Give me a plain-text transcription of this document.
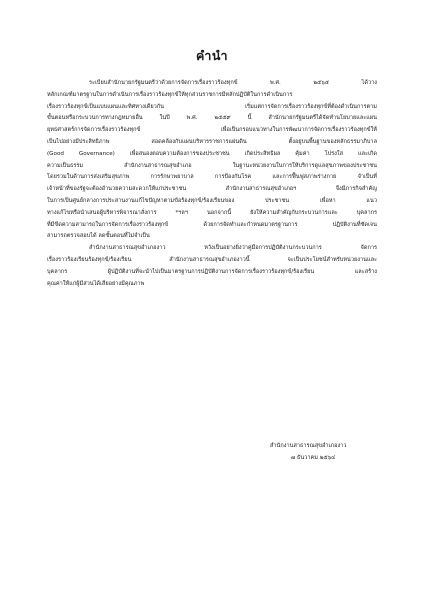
คำนำ
ระเบียบสำนักนายกรัฐมนตรีว่าด้วยการจัดการเรื่องราวร้องทุกข์ พ.ศ. ๒๕๖๕ ได้วาง
หลักเกณฑ์มาตรฐานในการดำเนินการเรื่องราวร้องทุกข์ให้ทุกส่วนราชการมีหลักปฏิบัติในการดำเนินการ
เรื่องราวร้องทุกข์เป็นแบบแผนและทิศทางเดียวกัน เริ่มแต่การจัดการเรื่องราวร้องทุกข์ที่ต้องดำเนินการตาม
ขั้นตอนหรือกระบวนการทางกฎหมายอื่น ในปี พ.ศ. ๒๕๕๙ นี้ สำนักนายกรัฐมนตรีได้จัดทำนโยบายและแผน
ยุทธศาสตร์การจัดการเรื่องราวร้องทุกข์ เพื่อเป็นกรอบแนวทางในการพัฒนาการจัดการเรื่องราวร้องทุกข์ให้
เป็นไปอย่างมีประสิทธิภาพ สอดคล้องกับแผนบริหารราชการแผ่นดิน ตั้งอยู่บนพื้นฐานของหลักธรรมาภิบาล
(Good Governance) เพื่อสนองตอบความต้องการของประชาชน เกิดประสิทธิผล คุ้มค่า โปร่งใส และเกิด
ความเป็นธรรม สำนักงานสาธารณสุขอำเภอ ในฐานะหน่วยงานในการให้บริการดูแลสุขภาพของประชาชน
โดยรวมในด้านการส่งเสริมสุขภาพ การรักษาพยาบาล การป้องกันโรค และการฟื้นฟูสภาพร่างกาย จำเป็นที่
เจ้าหน้าที่ของรัฐจะต้องอำนวยความสะดวกให้แก่ประชาชน สำนักงานสาธารณสุขอำเภอฯ จึงมีภารกิจสำคัญ
ในการเป็นศูนย์กลางการประสานงานแก้ไขปัญหาตามข้อร้องทุกข์/ร้องเรียนของ ประชาชน เพื่อหา แนว
ทางแก้ไขหรือนำเสนอผู้บริหารพิจารณาสั่งการ *ฯลฯ นอกจากนี้ ยังให้ความสำคัญกับกระบวนการและ บุคลากร
ที่มีขีดความสามารถในการจัดการเรื่องราวร้องทุกข์ ด้วยการจัดทำและกำหนดมาตรฐานการ ปฏิบัติงานที่ชัดเจน
สามารถตรวจสอบได้ ลดขั้นตอนที่ไม่จำเป็น
สำนักงานสาธารณสุขอำเภองาว หวังเป็นอย่างยิ่งว่าคู่มือการปฏิบัติงานกระบวนการ จัดการ
เรื่องราวร้องเรียนร้องทุกข์/ร้องเรียน สำนักงานสาธารณสุขอำเภองาวนี้ จะเป็นประโยชน์สำหรับหน่วยงานและ
บุคลากร ผู้ปฏิบัติงานที่จะนำไปเป็นมาตรฐานการปฏิบัติงานการจัดการเรื่องราวร้องทุกข์/ร้องเรียน และสร้าง
คุณค่าให้แก่ผู้มีส่วนได้เสียอย่างมีคุณภาพ
สำนักงานสาธารณสุขอำเภองาว
๗ ธันวาคม ๒๕๖๔
